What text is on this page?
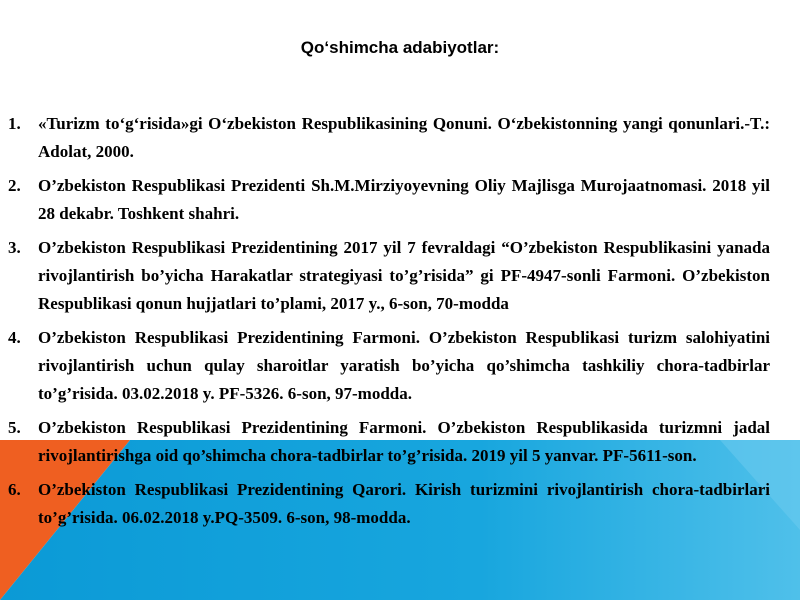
Qo‘shimcha adabiyotlar:
1. «Turizm to‘g‘risida»gi O‘zbekiston Respublikasining Qonuni. O‘zbekistonning yangi qonunlari.-T.: Adolat, 2000.
2. O’zbekiston Respublikasi Prezidenti Sh.M.Mirziyoyevning Oliy Majlisga Murojaatnomasi. 2018 yil 28 dekabr. Toshkent shahri.
3. O’zbekiston Respublikasi Prezidentining 2017 yil 7 fevraldagi “O’zbekiston Respublikasini yanada rivojlantirish bo’yicha Harakatlar strategiyasi to’g’risida” gi PF-4947-sonli Farmoni. O’zbekiston Respublikasi qonun hujjatlari to’plami, 2017 y., 6-son, 70-modda
4. O’zbekiston Respublikasi Prezidentining Farmoni. O’zbekiston Respublikasi turizm salohiyatini rivojlantirish uchun qulay sharoitlar yaratish bo’yicha qo’shimcha tashkiliy chora-tadbirlar to’g’risida. 03.02.2018 y. PF-5326. 6-son, 97-modda.
5. O’zbekiston Respublikasi Prezidentining Farmoni. O’zbekiston Respublikasida turizmni jadal rivojlantirishga oid qo’shimcha chora-tadbirlar to’g’risida. 2019 yil 5 yanvar. PF-5611-son.
6. O’zbekiston Respublikasi Prezidentining Qarori. Kirish turizmini rivojlantirish chora-tadbirlari to’g’risida. 06.02.2018 y.PQ-3509. 6-son, 98-modda.
